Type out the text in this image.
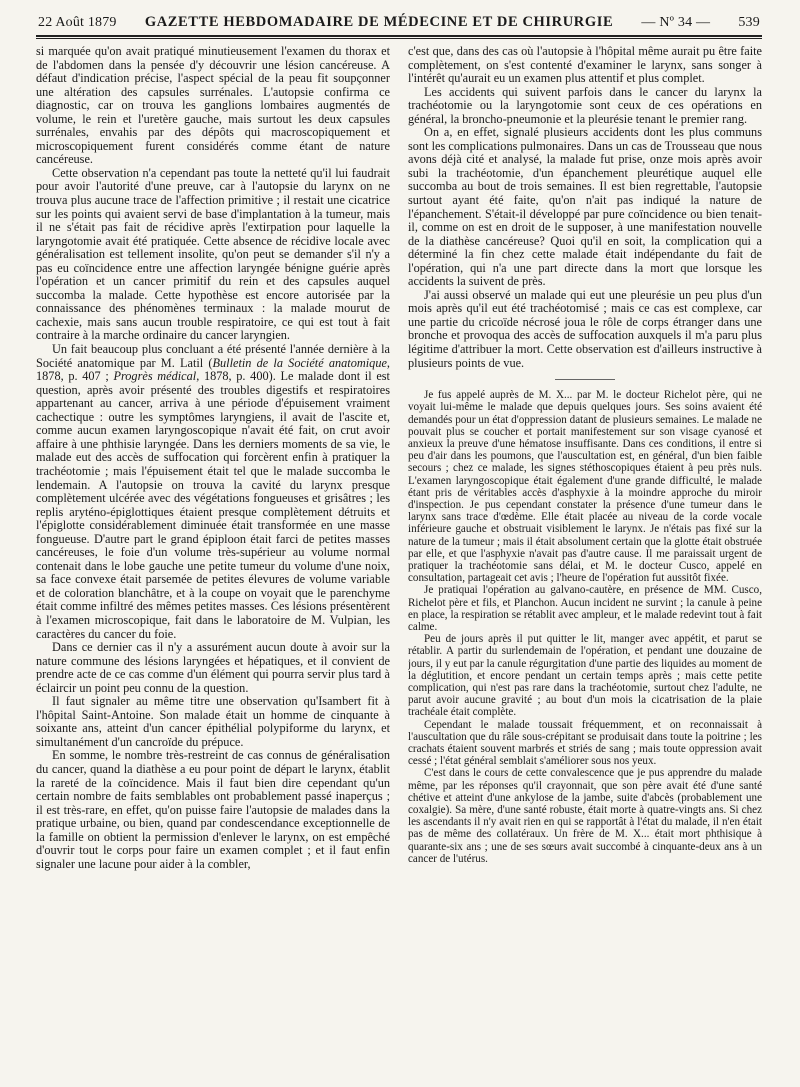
22 Août 1879 GAZETTE HEBDOMADAIRE DE MÉDECINE ET DE CHIRURGIE — Nº 34 — 539

si marquée qu'on avait pratiqué minutieusement l'examen du thorax et de l'abdomen dans la pensée d'y découvrir une lésion cancéreuse. A défaut d'indication précise, l'aspect spécial de la peau fit soupçonner une altération des capsules surrénales. L'autopsie confirma ce diagnostic, car on trouva les ganglions lombaires augmentés de volume, le rein et l'uretère gauche, mais surtout les deux capsules surrénales, envahis par des dépôts qui macroscopiquement et microscopiquement furent considérés comme étant de nature cancéreuse.

Cette observation n'a cependant pas toute la netteté qu'il lui faudrait pour avoir l'autorité d'une preuve, car à l'autopsie du larynx on ne trouva plus aucune trace de l'affection primitive ; il restait une cicatrice sur les points qui avaient servi de base d'implantation à la tumeur, mais il ne s'était pas fait de récidive après l'extirpation pour laquelle la laryngotomie avait été pratiquée. Cette absence de récidive locale avec généralisation est tellement insolite, qu'on peut se demander s'il n'y a pas eu coïncidence entre une affection laryngée bénigne guérie après l'opération et un cancer primitif du rein et des capsules auquel succomba la malade. Cette hypothèse est encore autorisée par la connaissance des phénomènes terminaux : la malade mourut de cachexie, mais sans aucun trouble respiratoire, ce qui est tout à fait contraire à la marche ordinaire du cancer laryngien.

Un fait beaucoup plus concluant a été présenté l'année dernière à la Société anatomique par M. Latil (Bulletin de la Société anatomique, 1878, p. 407 ; Progrès médical, 1878, p. 400). Le malade dont il est question, après avoir présenté des troubles digestifs et respiratoires appartenant au cancer, arriva à une période d'épuisement vraiment cachectique : outre les symptômes laryngiens, il avait de l'ascite et, comme aucun examen laryngoscopique n'avait été fait, on crut avoir affaire à une phthisie laryngée. Dans les derniers moments de sa vie, le malade eut des accès de suffocation qui forcèrent enfin à pratiquer la trachéotomie ; mais l'épuisement était tel que le malade succomba le lendemain. A l'autopsie on trouva la cavité du larynx presque complètement ulcérée avec des végétations fongueuses et grisâtres ; les replis aryténo-épiglottiques étaient presque complètement détruits et l'épiglotte considérablement diminuée était transformée en une masse fongueuse. D'autre part le grand épiploon était farci de petites masses cancéreuses, le foie d'un volume très-supérieur au volume normal contenait dans le lobe gauche une petite tumeur du volume d'une noix, sa face convexe était parsemée de petites élevures de volume variable et de coloration blanchâtre, et à la coupe on voyait que le parenchyme était comme infiltré des mêmes petites masses. Ces lésions présentèrent à l'examen microscopique, fait dans le laboratoire de M. Vulpian, les caractères du cancer du foie.

Dans ce dernier cas il n'y a assurément aucun doute à avoir sur la nature commune des lésions laryngées et hépatiques, et il convient de prendre acte de ce cas comme d'un élément qui pourra servir plus tard à éclaircir un point peu connu de la question.

Il faut signaler au même titre une observation qu'Isambert fit à l'hôpital Saint-Antoine. Son malade était un homme de cinquante à soixante ans, atteint d'un cancer épithélial polypiforme du larynx, et simultanément d'un cancroïde du prépuce.

En somme, le nombre très-restreint de cas connus de généralisation du cancer, quand la diathèse a eu pour point de départ le larynx, établit la rareté de la coïncidence. Mais il faut bien dire cependant qu'un certain nombre de faits semblables ont probablement passé inaperçus ; il est très-rare, en effet, qu'on puisse faire l'autopsie de malades dans la pratique urbaine, ou bien, quand par condescendance exceptionnelle de la famille on obtient la permission d'enlever le larynx, on est empêché d'ouvrir tout le corps pour faire un examen complet ; et il faut enfin signaler une lacune pour aider à la combler,

c'est que, dans des cas où l'autopsie à l'hôpital même aurait pu être faite complètement, on s'est contenté d'examiner le larynx, sans songer à l'intérêt qu'aurait eu un examen plus attentif et plus complet.

Les accidents qui suivent parfois dans le cancer du larynx la trachéotomie ou la laryngotomie sont ceux de ces opérations en général, la broncho-pneumonie et la pleurésie tenant le premier rang.

On a, en effet, signalé plusieurs accidents dont les plus communs sont les complications pulmonaires. Dans un cas de Trousseau que nous avons déjà cité et analysé, la malade fut prise, onze mois après avoir subi la trachéotomie, d'un épanchement pleurétique auquel elle succomba au bout de trois semaines. Il est bien regrettable, l'autopsie surtout ayant été faite, qu'on n'ait pas indiqué la nature de l'épanchement. S'était-il développé par pure coïncidence ou bien tenait-il, comme on est en droit de le supposer, à une manifestation nouvelle de la diathèse cancéreuse? Quoi qu'il en soit, la complication qui a déterminé la fin chez cette malade était indépendante du fait de l'opération, qui n'a une part directe dans la mort que lorsque les accidents la suivent de près.

J'ai aussi observé un malade qui eut une pleurésie un peu plus d'un mois après qu'il eut été trachéotomisé ; mais ce cas est complexe, car une partie du cricoïde nécrosé joua le rôle de corps étranger dans une bronche et provoqua des accès de suffocation auxquels il m'a paru plus légitime d'attribuer la mort. Cette observation est d'ailleurs instructive à plusieurs points de vue.

Je fus appelé auprès de M. X... par M. le docteur Richelot père, qui ne voyait lui-même le malade que depuis quelques jours. Ses soins avaient été demandés pour un état d'oppression datant de plusieurs semaines. Le malade ne pouvait plus se coucher et portait manifestement sur son visage cyanosé et anxieux la preuve d'une hématose insuffisante. Dans ces conditions, il entre si peu d'air dans les poumons, que l'auscultation est, en général, d'un bien faible secours ; chez ce malade, les signes stéthoscopiques étaient à peu près nuls. L'examen laryngoscopique était également d'une grande difficulté, le malade étant pris de véritables accès d'asphyxie à la moindre approche du miroir d'inspection. Je pus cependant constater la présence d'une tumeur dans le larynx sans trace d'œdème. Elle était placée au niveau de la corde vocale inférieure gauche et obstruait visiblement le larynx. Je n'étais pas fixé sur la nature de la tumeur ; mais il était absolument certain que la glotte était obstruée par elle, et que l'asphyxie n'avait pas d'autre cause. Il me paraissait urgent de pratiquer la trachéotomie sans délai, et M. le docteur Cusco, appelé en consultation, partageait cet avis ; l'heure de l'opération fut aussitôt fixée.

Je pratiquai l'opération au galvano-cautère, en présence de MM. Cusco, Richelot père et fils, et Planchon. Aucun incident ne survint ; la canule à peine en place, la respiration se rétablit avec ampleur, et le malade redevint tout à fait calme.

Peu de jours après il put quitter le lit, manger avec appétit, et parut se rétablir. A partir du surlendemain de l'opération, et pendant une douzaine de jours, il y eut par la canule régurgitation d'une partie des liquides au moment de la déglutition, et encore pendant un certain temps après ; mais cette petite complication, qui n'est pas rare dans la trachéotomie, surtout chez l'adulte, ne parut avoir aucune gravité ; au bout d'un mois la cicatrisation de la plaie trachéale était complète.

Cependant le malade toussait fréquemment, et on reconnaissait à l'auscultation que du râle sous-crépitant se produisait dans toute la poitrine ; les crachats étaient souvent marbrés et striés de sang ; mais toute oppression avait cessé ; l'état général semblait s'améliorer sous nos yeux.

C'est dans le cours de cette convalescence que je pus apprendre du malade même, par les réponses qu'il crayonnait, que son père avait été d'une santé chétive et atteint d'une ankylose de la jambe, suite d'abcès (probablement une coxalgie). Sa mère, d'une santé robuste, était morte à quatre-vingts ans. Si chez les ascendants il n'y avait rien en qui se rapportât à l'état du malade, il n'en était pas de même des collatéraux. Un frère de M. X... était mort phthisique à quarante-six ans ; une de ses sœurs avait succombé à cinquante-deux ans à un cancer de l'utérus.
